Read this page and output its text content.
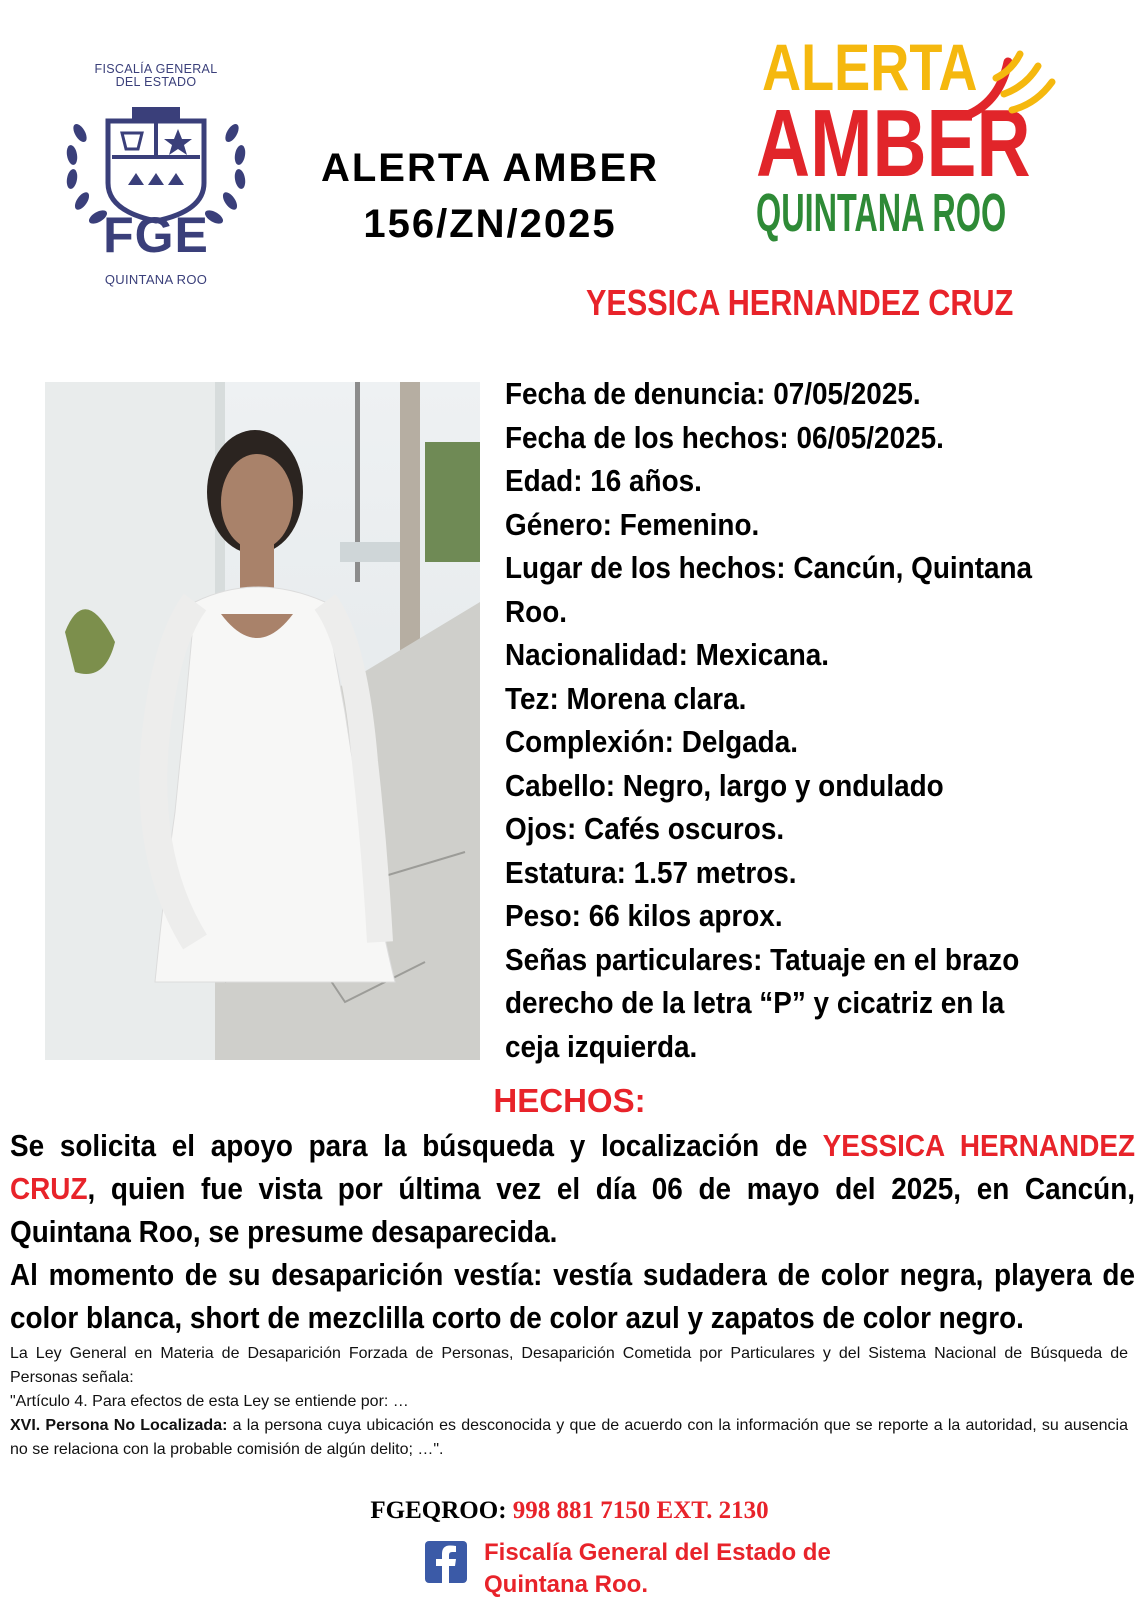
FISCALÍA GENERAL
DEL ESTADO
FGE
QUINTANA ROO
ALERTA AMBER
156/ZN/2025
ALERTA
AMBER
QUINTANA ROO
YESSICA HERNANDEZ CRUZ
Fecha de denuncia: 07/05/2025.
Fecha de los hechos: 06/05/2025.
Edad: 16 años.
Género: Femenino.
Lugar de los hechos: Cancún, Quintana
Roo.
Nacionalidad: Mexicana.
Tez: Morena clara.
Complexión: Delgada.
Cabello: Negro, largo y ondulado
Ojos: Cafés oscuros.
Estatura: 1.57 metros.
Peso: 66 kilos aprox.
Señas particulares: Tatuaje en el brazo
derecho de la letra “P” y cicatriz en la
ceja izquierda.
HECHOS:
Se solicita el apoyo para la búsqueda y localización de YESSICA HERNANDEZ CRUZ, quien fue vista por última vez el día 06 de mayo del 2025, en Cancún, Quintana Roo, se presume desaparecida.
Al momento de su desaparición vestía: vestía sudadera de color negra, playera de color blanca, short de mezclilla corto de color azul y zapatos de color negro.
La Ley General en Materia de Desaparición Forzada de Personas, Desaparición Cometida por Particulares y del Sistema Nacional de Búsqueda de Personas señala:
"Artículo 4. Para efectos de esta Ley se entiende por: …
XVI. Persona No Localizada: a la persona cuya ubicación es desconocida y que de acuerdo con la información que se reporte a la autoridad, su ausencia no se relaciona con la probable comisión de algún delito; …".
FGEQROO: 998 881 7150 EXT. 2130
Fiscalía General del Estado de
Quintana Roo.
